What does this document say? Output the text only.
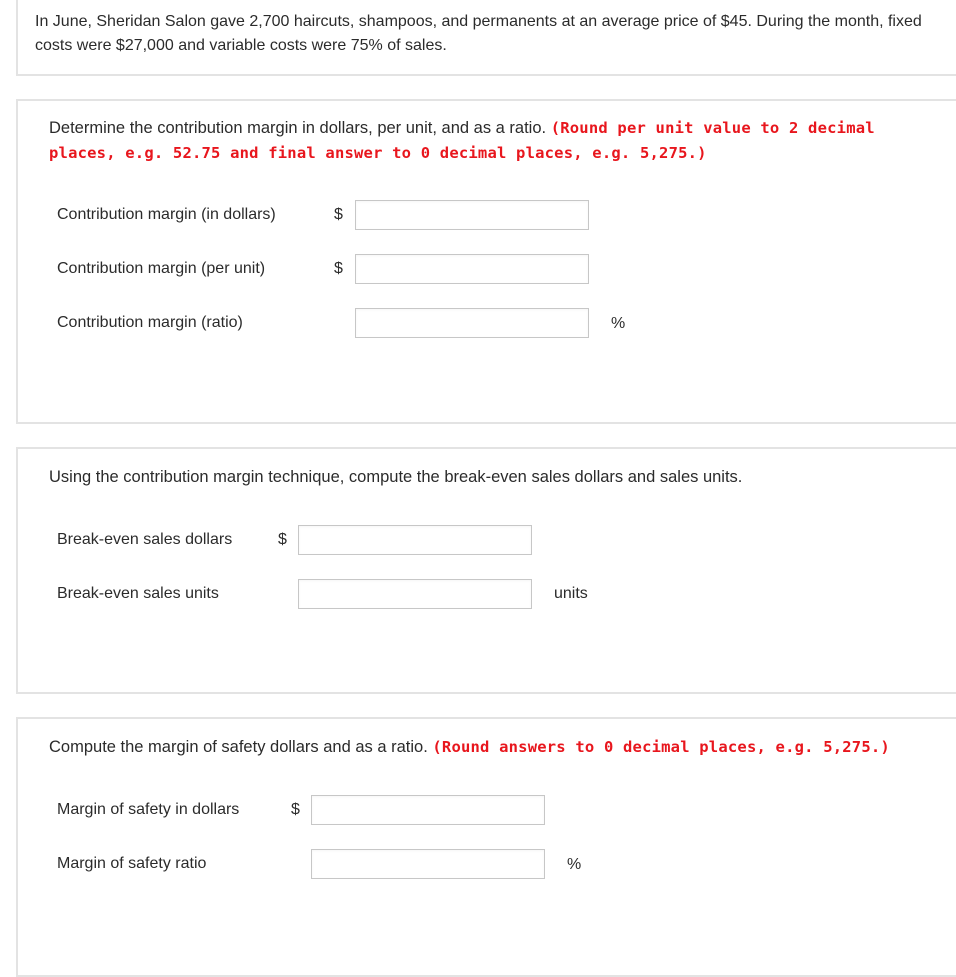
In June, Sheridan Salon gave 2,700 haircuts, shampoos, and permanents at an average price of $45. During the month, fixed costs were $27,000 and variable costs were 75% of sales.
Determine the contribution margin in dollars, per unit, and as a ratio. (Round per unit value to 2 decimal places, e.g. 52.75 and final answer to 0 decimal places, e.g. 5,275.)
Contribution margin (in dollars)	$
Contribution margin (per unit)	$
Contribution margin (ratio)	%
Using the contribution margin technique, compute the break-even sales dollars and sales units.
Break-even sales dollars	$
Break-even sales units	units
Compute the margin of safety dollars and as a ratio. (Round answers to 0 decimal places, e.g. 5,275.)
Margin of safety in dollars	$
Margin of safety ratio	%
